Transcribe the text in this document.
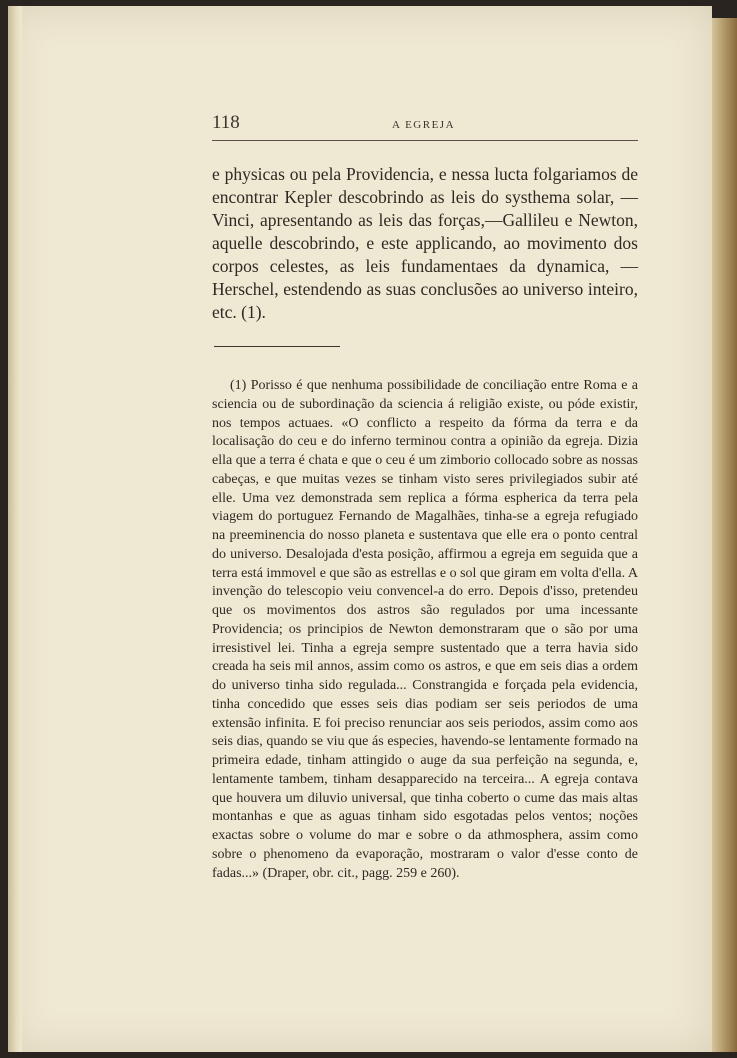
118	A EGREJA

e physicas ou pela Providencia, e nessa lucta folgariamos de encontrar Kepler descobrindo as leis do systhema solar, —Vinci, apresentando as leis das forças,—Gallileu e Newton, aquelle descobrindo, e este applicando, ao movimento dos corpos celestes, as leis fundamentaes da dynamica, —Herschel, estendendo as suas conclusões ao universo inteiro, etc. (1).

(1) Porisso é que nenhuma possibilidade de conciliação entre Roma e a sciencia ou de subordinação da sciencia á religião existe, ou póde existir, nos tempos actuaes. «O conflicto a respeito da fórma da terra e da localisação do ceu e do inferno terminou contra a opinião da egreja. Dizia ella que a terra é chata e que o ceu é um zimborio collocado sobre as nossas cabeças, e que muitas vezes se tinham visto seres privilegiados subir até elle. Uma vez demonstrada sem replica a fórma espherica da terra pela viagem do portuguez Fernando de Magalhães, tinha-se a egreja refugiado na preeminencia do nosso planeta e sustentava que elle era o ponto central do universo. Desalojada d'esta posição, affirmou a egreja em seguida que a terra está immovel e que são as estrellas e o sol que giram em volta d'ella. A invenção do telescopio veiu convencel-a do erro. Depois d'isso, pretendeu que os movimentos dos astros são regulados por uma incessante Providencia; os principios de Newton demonstraram que o são por uma irresistivel lei. Tinha a egreja sempre sustentado que a terra havia sido creada ha seis mil annos, assim como os astros, e que em seis dias a ordem do universo tinha sido regulada... Constrangida e forçada pela evidencia, tinha concedido que esses seis dias podiam ser seis periodos de uma extensão infinita. E foi preciso renunciar aos seis periodos, assim como aos seis dias, quando se viu que ás especies, havendo-se lentamente formado na primeira edade, tinham attingido o auge da sua perfeição na segunda, e, lentamente tambem, tinham desapparecido na terceira... A egreja contava que houvera um diluvio universal, que tinha coberto o cume das mais altas montanhas e que as aguas tinham sido esgotadas pelos ventos; noções exactas sobre o volume do mar e sobre o da athmosphera, assim como sobre o phenomeno da evaporação, mostraram o valor d'esse conto de fadas...» (Draper, obr. cit., pagg. 259 e 260).
